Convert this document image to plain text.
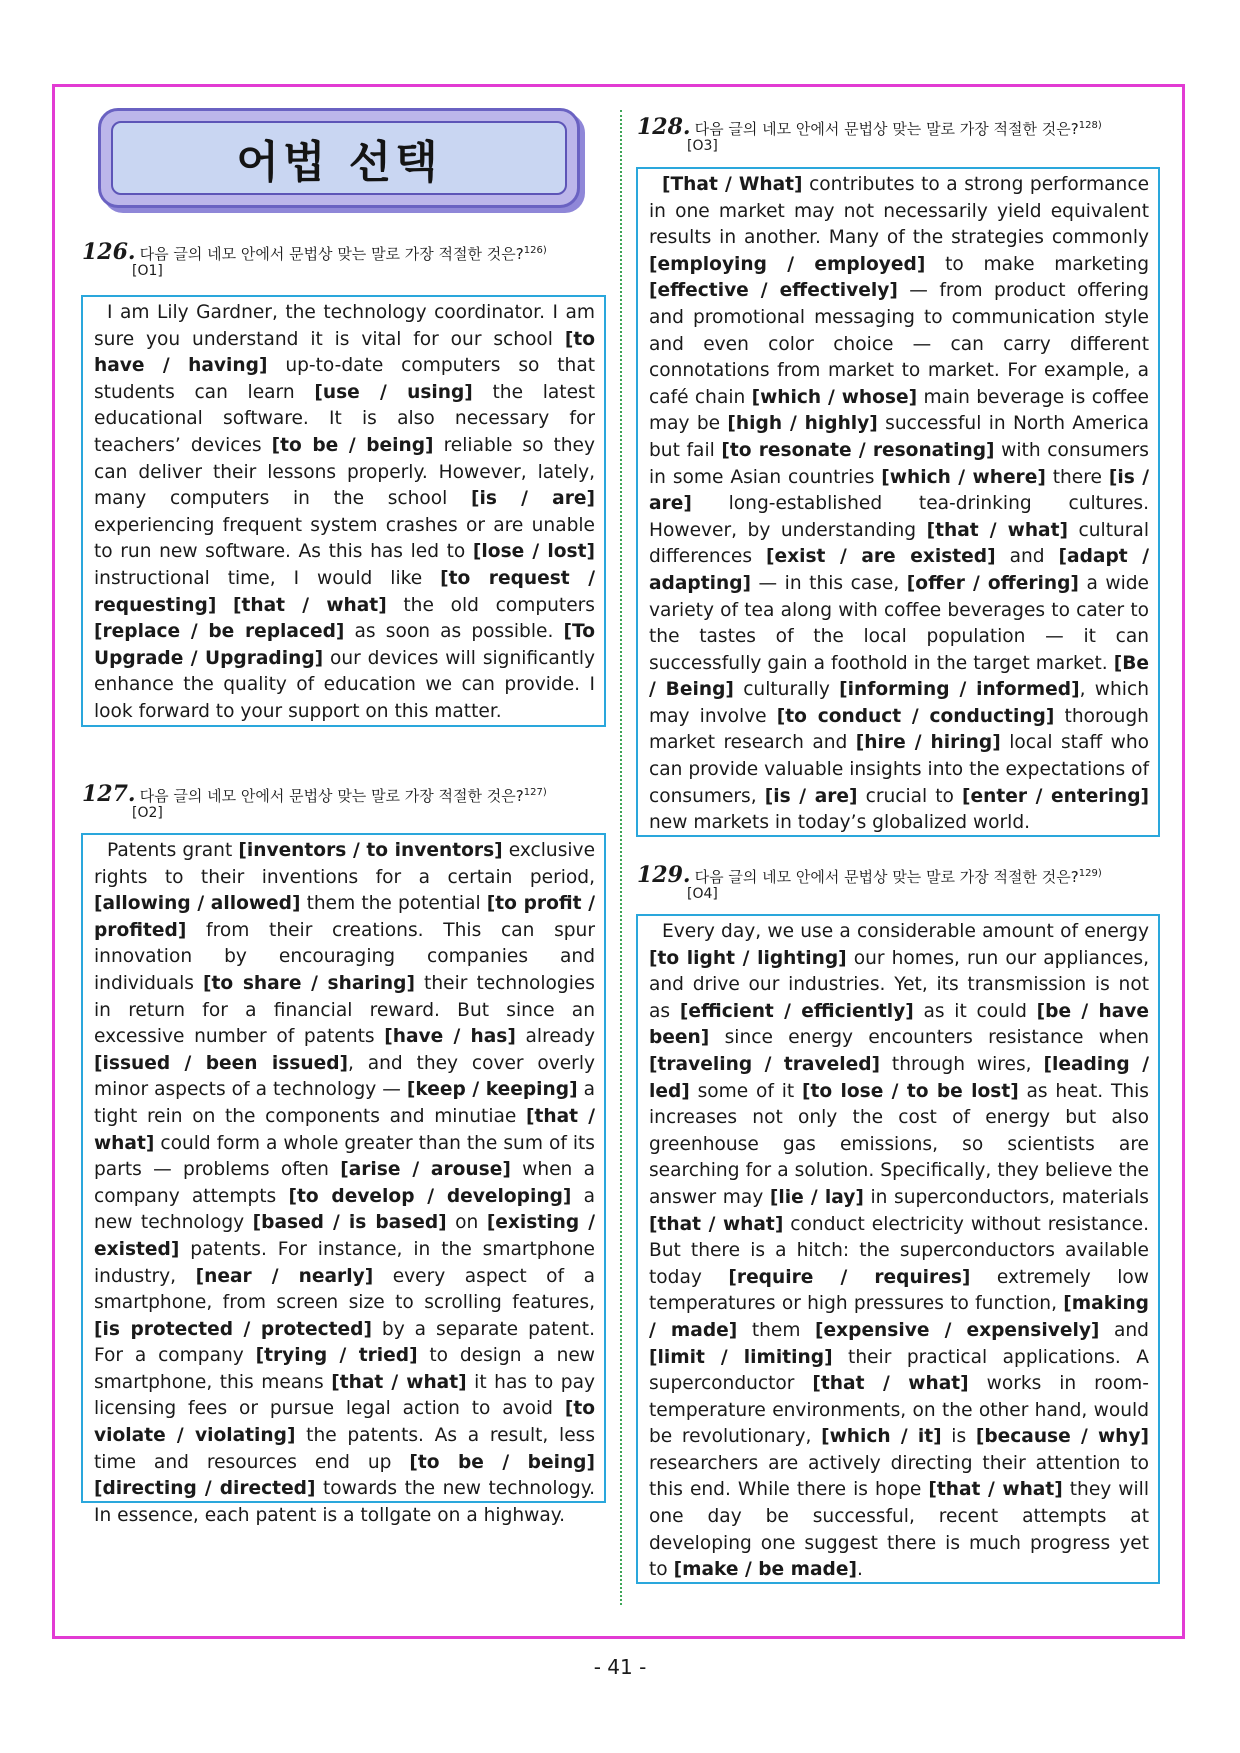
어법 선택
126. 다음 글의 네모 안에서 문법상 맞는 말로 가장 적절한 것은?$^{126)}$
[O1]

I am Lily Gardner, the technology coordinator. I am sure you understand it is vital for our school [to have / having] up-to-date computers so that students can learn [use / using] the latest educational software. It is also necessary for teachers’ devices [to be / being] reliable so they can deliver their lessons properly. However, lately, many computers in the school [is / are] experiencing frequent system crashes or are unable to run new software. As this has led to [lose / lost] instructional time, I would like [to request / requesting] [that / what] the old computers [replace / be replaced] as soon as possible. [To Upgrade / Upgrading] our devices will significantly enhance the quality of education we can provide. I look forward to your support on this matter.

127. 다음 글의 네모 안에서 문법상 맞는 말로 가장 적절한 것은?$^{127)}$
[O2]

Patents grant [inventors / to inventors] exclusive rights to their inventions for a certain period, [allowing / allowed] them the potential [to profit / profited] from their creations. This can spur innovation by encouraging companies and individuals [to share / sharing] their technologies in return for a financial reward. But since an excessive number of patents [have / has] already [issued / been issued], and they cover overly minor aspects of a technology — [keep / keeping] a tight rein on the components and minutiae [that / what] could form a whole greater than the sum of its parts — problems often [arise / arouse] when a company attempts [to develop / developing] a new technology [based / is based] on [existing / existed] patents. For instance, in the smartphone industry, [near / nearly] every aspect of a smartphone, from screen size to scrolling features, [is protected / protected] by a separate patent. For a company [trying / tried] to design a new smartphone, this means [that / what] it has to pay licensing fees or pursue legal action to avoid [to violate / violating] the patents. As a result, less time and resources end up [to be / being] [directing / directed] towards the new technology. In essence, each patent is a tollgate on a highway.

128. 다음 글의 네모 안에서 문법상 맞는 말로 가장 적절한 것은?$^{128)}$
[O3]

[That / What] contributes to a strong performance in one market may not necessarily yield equivalent results in another. Many of the strategies commonly [employing / employed] to make marketing [effective / effectively] — from product offering and promotional messaging to communication style and even color choice — can carry different connotations from market to market. For example, a café chain [which / whose] main beverage is coffee may be [high / highly] successful in North America but fail [to resonate / resonating] with consumers in some Asian countries [which / where] there [is / are] long-established tea-drinking cultures. However, by understanding [that / what] cultural differences [exist / are existed] and [adapt / adapting] — in this case, [offer / offering] a wide variety of tea along with coffee beverages to cater to the tastes of the local population — it can successfully gain a foothold in the target market. [Be / Being] culturally [informing / informed], which may involve [to conduct / conducting] thorough market research and [hire / hiring] local staff who can provide valuable insights into the expectations of consumers, [is / are] crucial to [enter / entering] new markets in today’s globalized world.

129. 다음 글의 네모 안에서 문법상 맞는 말로 가장 적절한 것은?$^{129)}$
[O4]

Every day, we use a considerable amount of energy [to light / lighting] our homes, run our appliances, and drive our industries. Yet, its transmission is not as [efficient / efficiently] as it could [be / have been] since energy encounters resistance when [traveling / traveled] through wires, [leading / led] some of it [to lose / to be lost] as heat. This increases not only the cost of energy but also greenhouse gas emissions, so scientists are searching for a solution. Specifically, they believe the answer may [lie / lay] in superconductors, materials [that / what] conduct electricity without resistance. But there is a hitch: the superconductors available today [require / requires] extremely low temperatures or high pressures to function, [making / made] them [expensive / expensively] and [limit / limiting] their practical applications. A superconductor [that / what] works in room-temperature environments, on the other hand, would be revolutionary, [which / it] is [because / why] researchers are actively directing their attention to this end. While there is hope [that / what] they will one day be successful, recent attempts at developing one suggest there is much progress yet to [make / be made].

- 41 -
